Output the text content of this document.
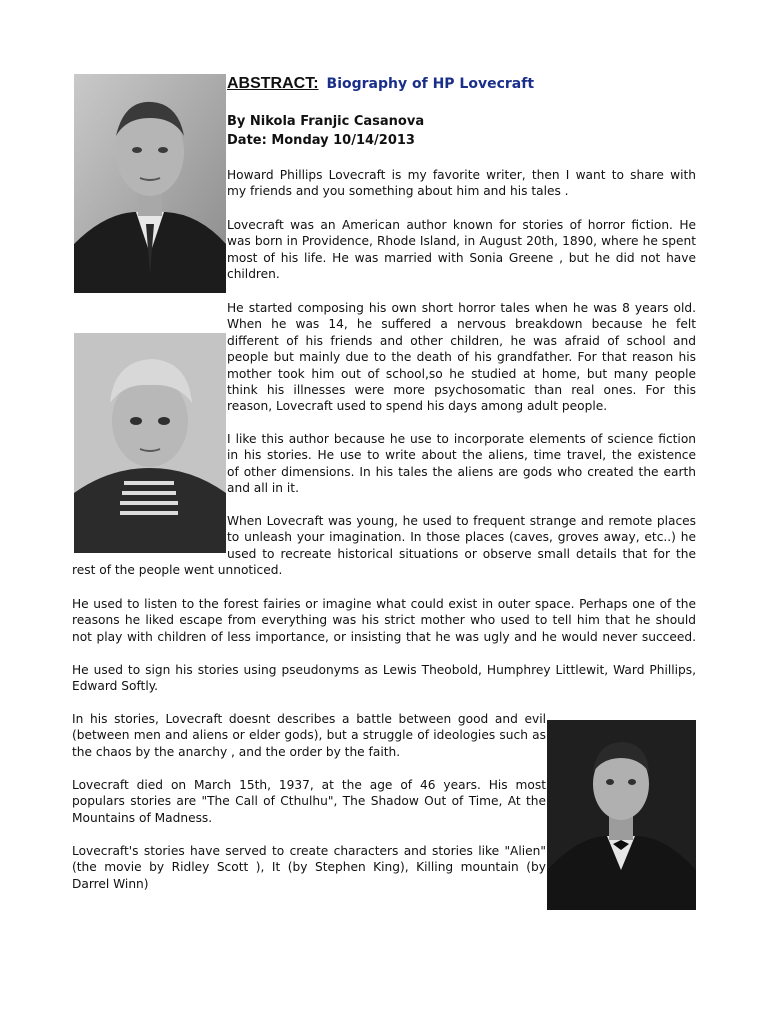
ABSTRACT: Biography of HP Lovecraft
By Nikola Franjic Casanova
Date: Monday 10/14/2013
Howard Phillips Lovecraft is my favorite writer, then I want to share with
my friends and you something about him and his tales .
Lovecraft was an American author known for stories of horror fiction. He
was born in Providence, Rhode Island, in August 20th, 1890, where he spent
most of his life. He was married with Sonia Greene , but he did not have
children.
He started composing his own short horror tales when he was 8 years old.
When he was 14, he suffered a nervous breakdown because he felt
different of his friends and other children, he was afraid of school and
people but mainly due to the death of his grandfather. For that reason his
mother took him out of school,so he studied at home, but many people
think his illnesses were more psychosomatic than real ones. For this
reason, Lovecraft used to spend his days among adult people.
I like this author because he use to incorporate elements of science fiction
in his stories. He use to write about the aliens, time travel, the existence
of other dimensions. In his tales the aliens are gods who created the earth
and all in it.
When Lovecraft was young, he used to frequent strange and remote places
to unleash your imagination. In those places (caves, groves away, etc..) he
used to recreate historical situations or observe small details that for the
rest of the people went unnoticed.
He used to listen to the forest fairies or imagine what could exist in outer space. Perhaps one of the
reasons he liked escape from everything was his strict mother who used to tell him that he should
not play with children of less importance, or insisting that he was ugly and he would never succeed.
He used to sign his stories using pseudonyms as Lewis Theobold, Humphrey Littlewit, Ward Phillips,
Edward Softly.
In his stories, Lovecraft doesnt describes a battle between good and evil
(between men and aliens or elder gods), but a struggle of ideologies such as
the chaos by the anarchy , and the order by the faith.
Lovecraft died on March 15th, 1937, at the age of 46 years. His most
populars stories are "The Call of Cthulhu", The Shadow Out of Time, At the
Mountains of Madness.
Lovecraft's stories have served to create characters and stories like "Alien"
(the movie by Ridley Scott ), It (by Stephen King), Killing mountain (by
Darrel Winn)
